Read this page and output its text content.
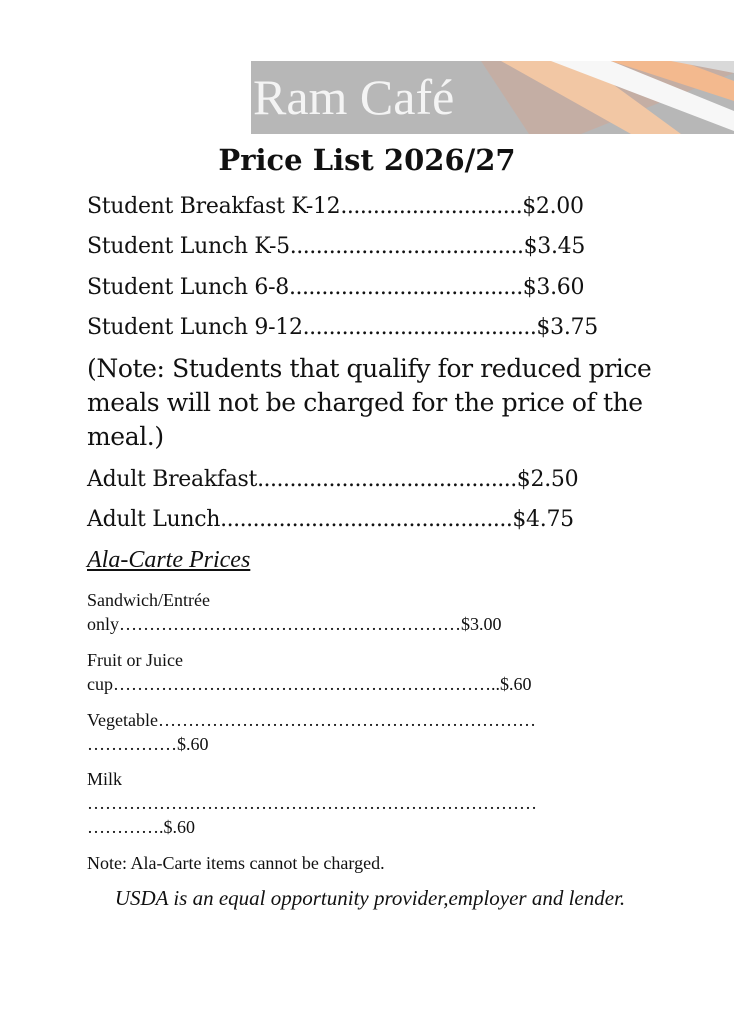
Ram Café
Price List 2026/27
Student Breakfast K-12............................$2.00
Student Lunch K-5....................................$3.45
Student Lunch 6-8....................................$3.60
Student Lunch 9-12....................................$3.75
(Note: Students that qualify for reduced price meals will not be charged for the price of the meal.)
Adult Breakfast........................................$2.50
Adult Lunch.............................................$4.75
Ala-Carte Prices
Sandwich/Entrée
only…………………………………………………$3.00
Fruit or Juice
cup………………………………………………………..$.60
Vegetable………………………………………………………
……………$.60
Milk
…………………………………………………………………
………….$.60
Note: Ala-Carte items cannot be charged.
USDA is an equal opportunity provider,employer and lender.
